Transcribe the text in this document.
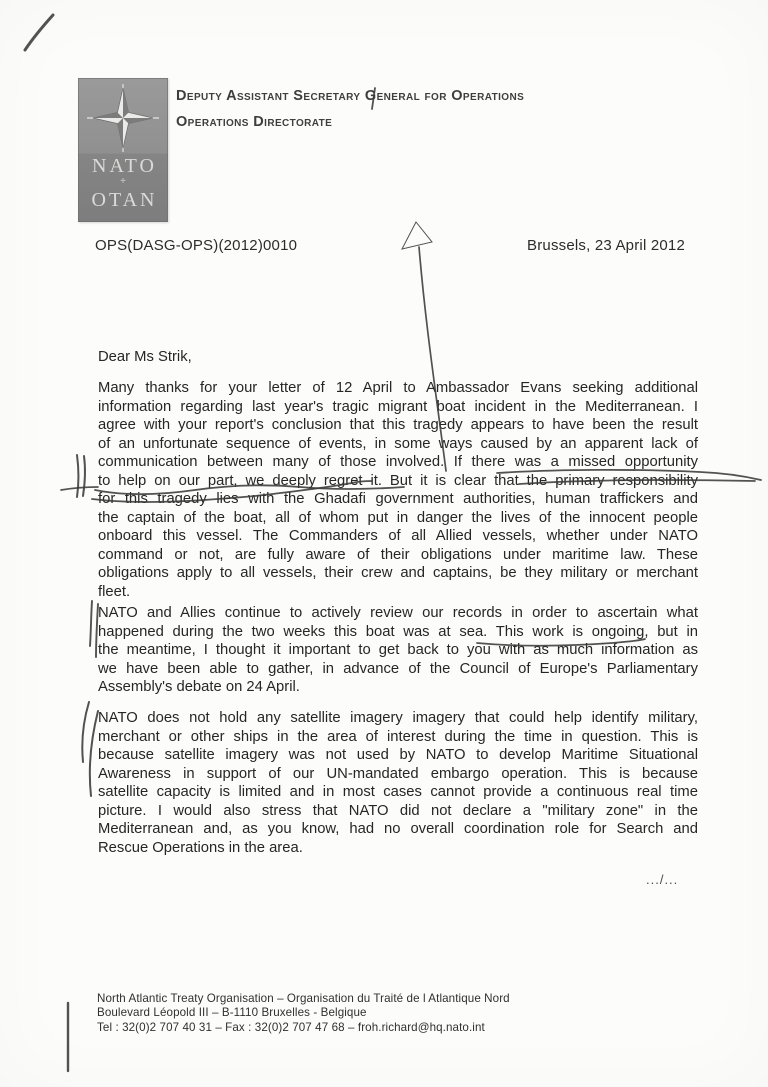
NATO
+
OTAN
Deputy Assistant Secretary General for Operations
Operations Directorate
OPS(DASG-OPS)(2012)0010	Brussels, 23 April 2012
Dear Ms Strik,
Many thanks for your letter of 12 April to Ambassador Evans seeking additional
information regarding last year's tragic migrant boat incident in the Mediterranean. I
agree with your report's conclusion that this tragedy appears to have been the result
of an unfortunate sequence of events, in some ways caused by an apparent lack of
communication between many of those involved. If there was a missed opportunity
to help on our part, we deeply regret it. But it is clear that the primary responsibility
for this tragedy lies with the Ghadafi government authorities, human traffickers and
the captain of the boat, all of whom put in danger the lives of the innocent people
onboard this vessel. The Commanders of all Allied vessels, whether under NATO
command or not, are fully aware of their obligations under maritime law. These
obligations apply to all vessels, their crew and captains, be they military or merchant
fleet.
NATO and Allies continue to actively review our records in order to ascertain what
happened during the two weeks this boat was at sea. This work is ongoing, but in
the meantime, I thought it important to get back to you with as much information as
we have been able to gather, in advance of the Council of Europe's Parliamentary
Assembly's debate on 24 April.
NATO does not hold any satellite imagery imagery that could help identify military,
merchant or other ships in the area of interest during the time in question. This is
because satellite imagery was not used by NATO to develop Maritime Situational
Awareness in support of our UN-mandated embargo operation. This is because
satellite capacity is limited and in most cases cannot provide a continuous real time
picture. I would also stress that NATO did not declare a "military zone" in the
Mediterranean and, as you know, had no overall coordination role for Search and
Rescue Operations in the area.
.../...
North Atlantic Treaty Organisation – Organisation du Traité de l Atlantique Nord
Boulevard Léopold III – B-1110 Bruxelles - Belgique
Tel : 32(0)2 707 40 31 – Fax : 32(0)2 707 47 68 – froh.richard@hq.nato.int
